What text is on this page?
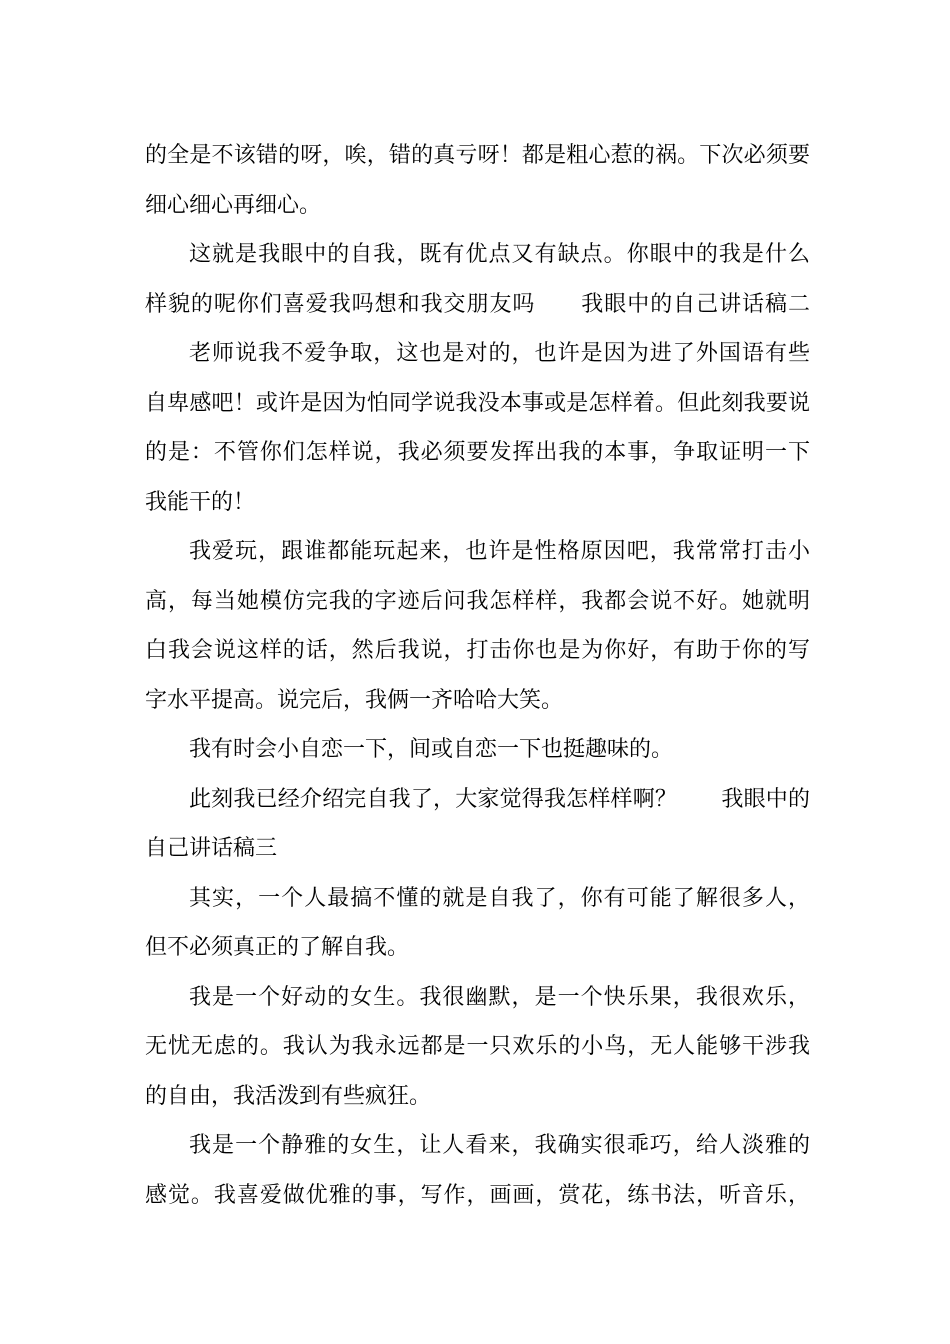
的全是不该错的呀，唉，错的真亏呀！都是粗心惹的祸。下次必须要
细心细心再细心。
这就是我眼中的自我，既有优点又有缺点。你眼中的我是什么
样貌的呢你们喜爱我吗想和我交朋友吗　　我眼中的自己讲话稿二
老师说我不爱争取，这也是对的，也许是因为进了外国语有些
自卑感吧！或许是因为怕同学说我没本事或是怎样着。但此刻我要说
的是：不管你们怎样说，我必须要发挥出我的本事，争取证明一下
我能干的！
我爱玩，跟谁都能玩起来，也许是性格原因吧，我常常打击小
高，每当她模仿完我的字迹后问我怎样样，我都会说不好。她就明
白我会说这样的话，然后我说，打击你也是为你好，有助于你的写
字水平提高。说完后，我俩一齐哈哈大笑。
我有时会小自恋一下，间或自恋一下也挺趣味的。
此刻我已经介绍完自我了，大家觉得我怎样样啊？　　我眼中的
自己讲话稿三
其实，一个人最搞不懂的就是自我了，你有可能了解很多人，
但不必须真正的了解自我。
我是一个好动的女生。我很幽默，是一个快乐果，我很欢乐，
无忧无虑的。我认为我永远都是一只欢乐的小鸟，无人能够干涉我
的自由，我活泼到有些疯狂。
我是一个静雅的女生，让人看来，我确实很乖巧，给人淡雅的
感觉。我喜爱做优雅的事，写作，画画，赏花，练书法，听音乐，
